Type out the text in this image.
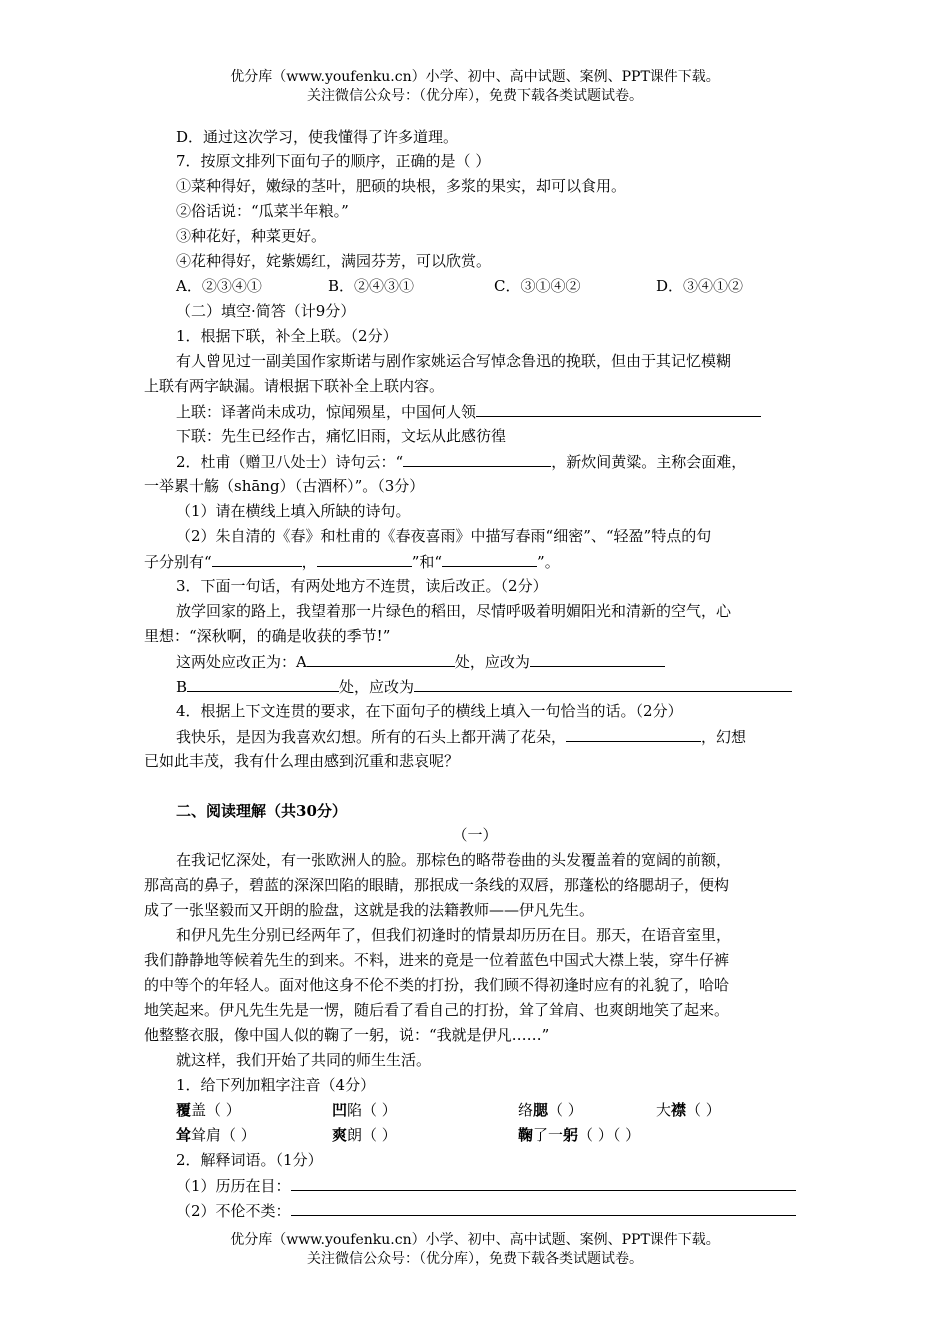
优分库（www.youfenku.cn）小学、初中、高中试题、案例、PPT课件下载。
关注微信公众号：（优分库），免费下载各类试题试卷。
D．通过这次学习，使我懂得了许多道理。
7．按原文排列下面句子的顺序，正确的是（ ）
①菜种得好，嫩绿的茎叶，肥硕的块根，多浆的果实，却可以食用。
②俗话说：“瓜菜半年粮。”
③种花好，种菜更好。
④花种得好，姹紫嫣红，满园芬芳，可以欣赏。
A．②③④①	B．②④③①	C．③①④②	D．③④①②
（二）填空·简答（计9分）
1．根据下联，补全上联。（2分）
有人曾见过一副美国作家斯诺与剧作家姚运合写悼念鲁迅的挽联，但由于其记忆模糊
上联有两字缺漏。请根据下联补全上联内容。
上联：译著尚未成功，惊闻殒星，中国何人领
下联：先生已经作古，痛忆旧雨，文坛从此感彷徨
2．杜甫（赠卫八处士）诗句云：“	，新炊间黄粱。主称会面难，
一举累十觞（shāng）（古酒杯）”。（3分）
（1）请在横线上填入所缺的诗句。
（2）朱自清的《春》和杜甫的《春夜喜雨》中描写春雨“细密”、“轻盈”特点的句
子分别有“	，	”和“	”。
3．下面一句话，有两处地方不连贯，读后改正。（2分）
放学回家的路上，我望着那一片绿色的稻田，尽情呼吸着明媚阳光和清新的空气，心
里想：“深秋啊，的确是收获的季节!”
这两处应改正为：A	处，应改为
B	处，应改为
4．根据上下文连贯的要求，在下面句子的横线上填入一句恰当的话。（2分）
我快乐，是因为我喜欢幻想。所有的石头上都开满了花朵，	，幻想
已如此丰茂，我有什么理由感到沉重和悲哀呢？
二、阅读理解（共30分）
（一）
在我记忆深处，有一张欧洲人的脸。那棕色的略带卷曲的头发覆盖着的宽阔的前额，
那高高的鼻子，碧蓝的深深凹陷的眼睛，那抿成一条线的双唇，那蓬松的络腮胡子，便构
成了一张坚毅而又开朗的脸盘，这就是我的法籍教师——伊凡先生。
和伊凡先生分别已经两年了，但我们初逢时的情景却历历在目。那天，在语音室里，
我们静静地等候着先生的到来。不料，进来的竟是一位着蓝色中国式大襟上装，穿牛仔裤
的中等个的年轻人。面对他这身不伦不类的打扮，我们顾不得初逢时应有的礼貌了，哈哈
地笑起来。伊凡先生先是一愣，随后看了看自己的打扮，耸了耸肩、也爽朗地笑了起来。
他整整衣服，像中国人似的鞠了一躬，说：“我就是伊凡……”
就这样，我们开始了共同的师生生活。
1．给下列加粗字注音（4分）
覆盖（ ）	凹陷（ ）	络腮（ ）	大襟（ ）
耸耸肩（ ）	爽朗（ ）	鞠了一躬（ ）（ ）
2．解释词语。（1分）
（1）历历在目：
（2）不伦不类：
优分库（www.youfenku.cn）小学、初中、高中试题、案例、PPT课件下载。
关注微信公众号：（优分库），免费下载各类试题试卷。
